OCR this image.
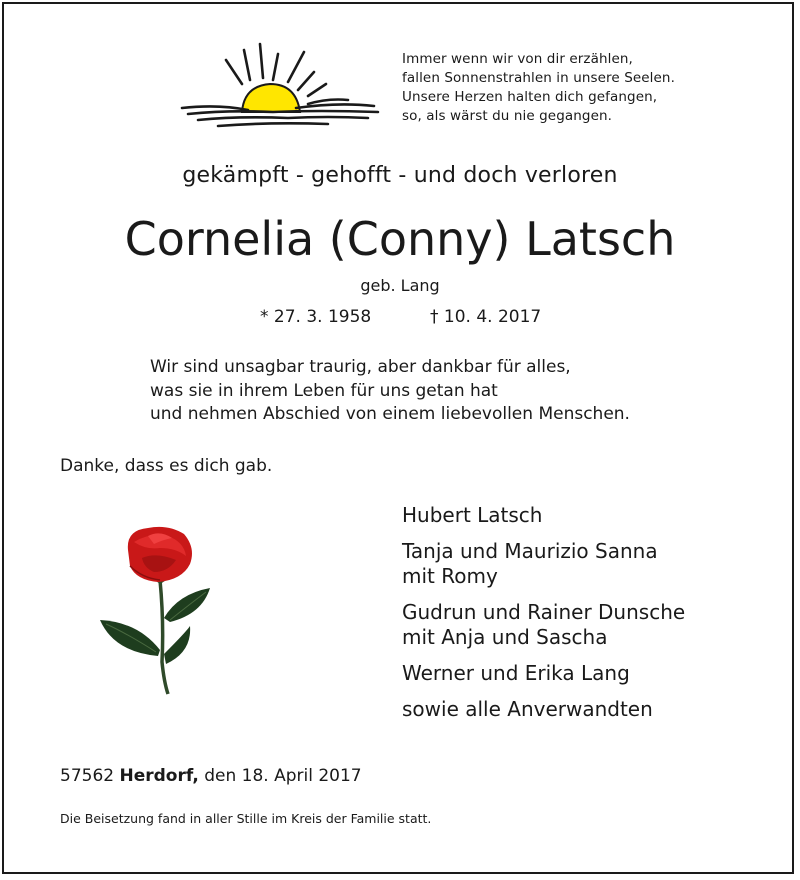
Immer wenn wir von dir erzählen,
fallen Sonnenstrahlen in unsere Seelen.
Unsere Herzen halten dich gefangen,
so, als wärst du nie gegangen.
gekämpft - gehofft - und doch verloren
Cornelia (Conny) Latsch
geb. Lang
* 27. 3. 1958	† 10. 4. 2017
Wir sind unsagbar traurig, aber dankbar für alles,
was sie in ihrem Leben für uns getan hat
und nehmen Abschied von einem liebevollen Menschen.
Danke, dass es dich gab.
Hubert Latsch
Tanja und Maurizio Sanna
mit Romy
Gudrun und Rainer Dunsche
mit Anja und Sascha
Werner und Erika Lang
sowie alle Anverwandten
57562 Herdorf, den 18. April 2017
Die Beisetzung fand in aller Stille im Kreis der Familie statt.
